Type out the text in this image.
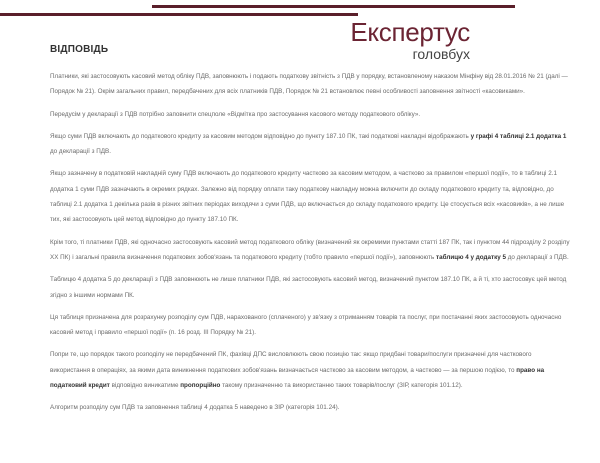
Експертус
головбух
ВІДПОВІДЬ

Платники, які застосовують касовий метод обліку ПДВ, заповнюють і подають податкову звітність з ПДВ у порядку, встановленому наказом Мінфіну від 28.01.2016 № 21 (далі — Порядок № 21). Окрім загальних правил, передбачених для всіх платників ПДВ, Порядок № 21 встановлює певні особливості заповнення звітності «касовиками».

Передусім у декларації з ПДВ потрібно заповнити спецполе «Відмітка про застосування касового методу податкового обліку».

Якщо суми ПДВ включають до податкового кредиту за касовим методом відповідно до пункту 187.10 ПК, такі податкові накладні відображають у графі 4 таблиці 2.1 додатка 1 до декларації з ПДВ.

Якщо зазначену в податковій накладній суму ПДВ включають до податкового кредиту частково за касовим методом, а частково за правилом «першої події», то в таблиці 2.1 додатка 1 суми ПДВ зазначають в окремих рядках. Залежно від порядку оплати таку податкову накладну можна включити до складу податкового кредиту та, відповідно, до таблиці 2.1 додатка 1 декілька разів в різних звітних періодах виходячи з суми ПДВ, що включається до складу податкового кредиту. Це стосується всіх «касовиків», а не лише тих, які застосовують цей метод відповідно до пункту 187.10 ПК.

Крім того, ті платники ПДВ, які одночасно застосовують касовий метод податкового обліку (визначений як окремими пунктами статті 187 ПК, так і пунктом 44 підрозділу 2 розділу XX ПК) і загальні правила визначення податкових зобов'язань та податкового кредиту (тобто правило «першої події»), заповнюють таблицю 4 у додатку 5 до декларації з ПДВ.

Таблицю 4 додатка 5 до декларації з ПДВ заповнюють не лише платники ПДВ, які застосовують касовий метод, визначений пунктом 187.10 ПК, а й ті, хто застосовує цей метод згідно з іншими нормами ПК.

Ця таблиця призначена для розрахунку розподілу сум ПДВ, нарахованого (сплаченого) у зв'язку з отриманням товарів та послуг, при постачанні яких застосовують одночасно касовий метод і правило «першої події» (п. 16 розд. III Порядку № 21).

Попри те, що порядок такого розподілу не передбачений ПК, фахівці ДПС висловлюють свою позицію так: якщо придбані товари/послуги призначені для часткового використання в операціях, за якими дата виникнення податкових зобов'язань визначається частково за касовим методом, а частково — за першою подією, то право на податковий кредит відповідно виникатиме пропорційно такому призначенню та використанню таких товарів/послуг (ЗІР, категорія 101.12).

Алгоритм розподілу сум ПДВ та заповнення таблиці 4 додатка 5 наведено в ЗІР (категорія 101.24).
